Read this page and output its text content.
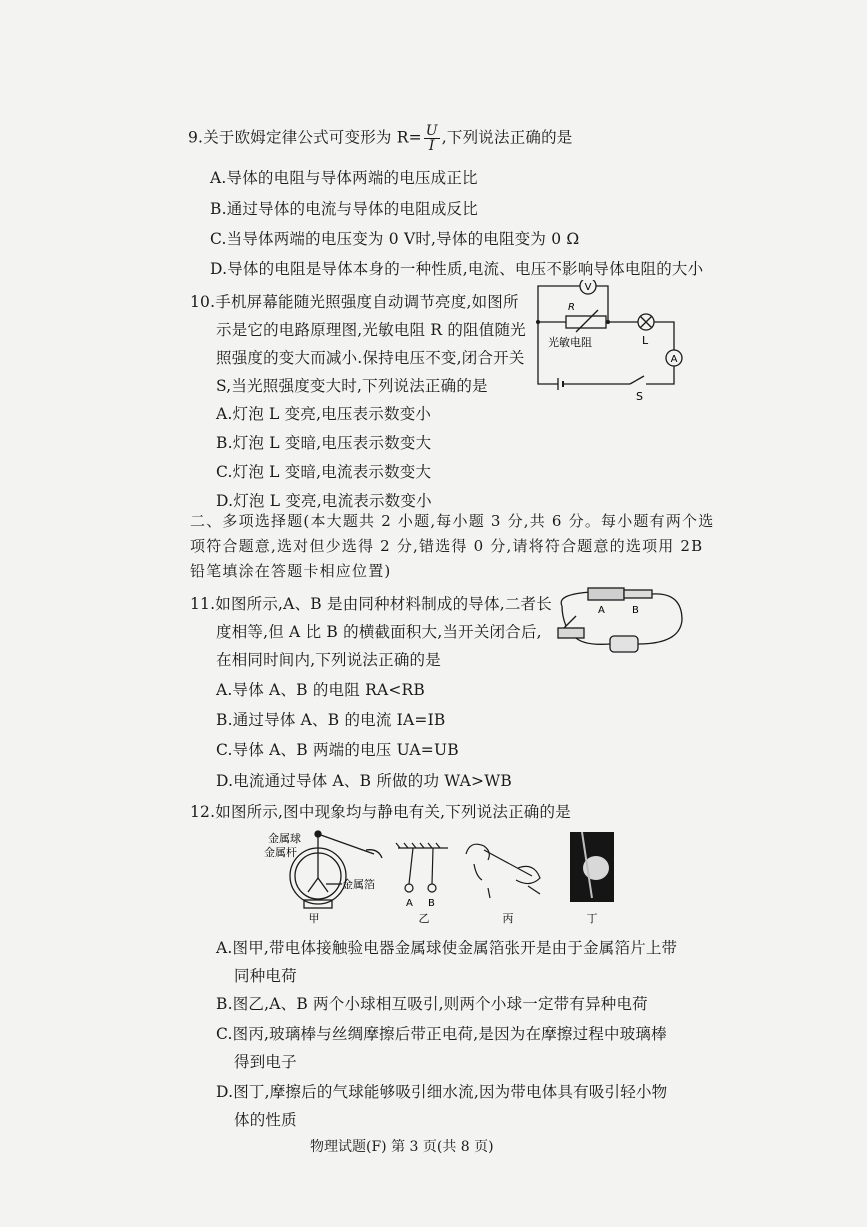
9.关于欧姆定律公式可变形为 $R= \frac{U}{I}$ ,下列说法正确的是
A.导体的电阻与导体两端的电压成正比
B.通过导体的电流与导体的电阻成反比
C.当导体两端的电压变为 0 V时,导体的电阻变为 0 Ω
D.导体的电阻是导体本身的一种性质,电流、电压不影响导体电阻的大小
10.手机屏幕能随光照强度自动调节亮度,如图所
示是它的电路原理图,光敏电阻 R 的阻值随光
照强度的变大而减小.保持电压不变,闭合开关
S,当光照强度变大时,下列说法正确的是
A.灯泡 L 变亮,电压表示数变小
B.灯泡 L 变暗,电压表示数变大
C.灯泡 L 变暗,电流表示数变大
D.灯泡 L 变亮,电流表示数变小
V
A
R
光敏电阻	L
S
二、多项选择题(本大题共 2 小题,每小题 3 分,共 6 分。每小题有两个选
项符合题意,选对但少选得 2 分,错选得 0 分,请将符合题意的选项用 2B
铅笔填涂在答题卡相应位置)
11.如图所示,A、B 是由同种材料制成的导体,二者长
度相等,但 A 比 B 的横截面积大,当开关闭合后,
在相同时间内,下列说法正确的是
A.导体 A、B 的电阻 RA<RB
B.通过导体 A、B 的电流 IA=IB
C.导体 A、B 两端的电压 UA=UB
D.电流通过导体 A、B 所做的功 WA>WB
A	B
12.如图所示,图中现象均与静电有关,下列说法正确的是
金属球
金属杆
金属箔
甲
A B
乙	丙	丁
A.图甲,带电体接触验电器金属球使金属箔张开是由于金属箔片上带
同种电荷
B.图乙,A、B 两个小球相互吸引,则两个小球一定带有异种电荷
C.图丙,玻璃棒与丝绸摩擦后带正电荷,是因为在摩擦过程中玻璃棒
得到电子
D.图丁,摩擦后的气球能够吸引细水流,因为带电体具有吸引轻小物
体的性质
物理试题(F) 第 3 页(共 8 页)
